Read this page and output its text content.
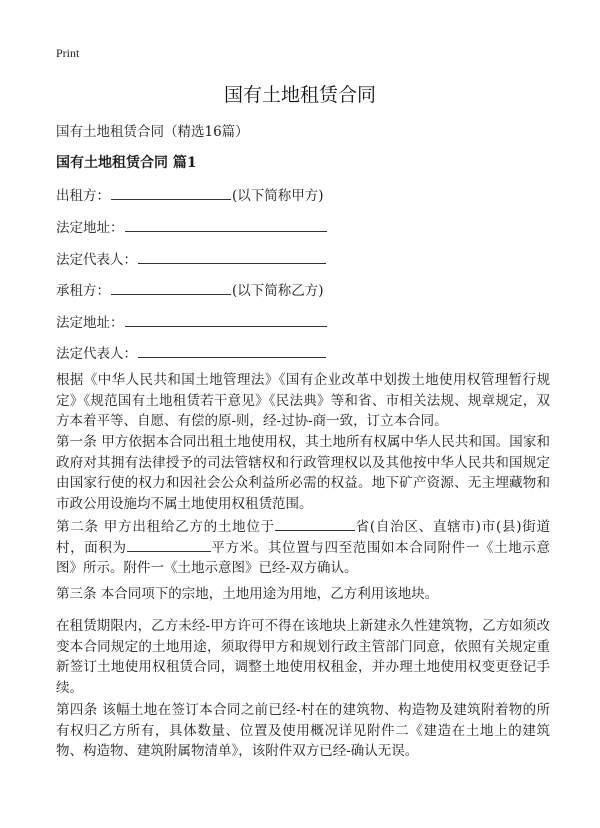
Print
国有土地租赁合同
国有土地租赁合同（精选16篇）
国有土地租赁合同 篇1
出租方：	(以下简称甲方)
法定地址：
法定代表人：
承租方：	(以下简称乙方)
法定地址：
法定代表人：

根据《中华人民共和国土地管理法》《国有企业改革中划拨土地使用权管理暂行规定》《规范国有土地租赁若干意见》《民法典》等和省、市相关法规、规章规定，双方本着平等、自愿、有偿的原-则，经-过协-商一致，订立本合同。

第一条 甲方依据本合同出租土地使用权，其土地所有权属中华人民共和国。国家和政府对其拥有法律授予的司法管辖权和行政管理权以及其他按中华人民共和国规定由国家行使的权力和因社会公众利益所必需的权益。地下矿产资源、无主埋藏物和市政公用设施均不属土地使用权租赁范围。

第二条 甲方出租给乙方的土地位于	省(自治区、直辖市)市(县)街道村，面积为	平方米。其位置与四至范围如本合同附件一《土地示意图》所示。附件一《土地示意图》已经-双方确认。

第三条 本合同项下的宗地，土地用途为用地，乙方利用该地块。

在租赁期限内，乙方未经-甲方许可不得在该地块上新建永久性建筑物，乙方如须改变本合同规定的土地用途，须取得甲方和规划行政主管部门同意，依照有关规定重新签订土地使用权租赁合同，调整土地使用权租金，并办理土地使用权变更登记手续。

第四条 该幅土地在签订本合同之前已经-村在的建筑物、构造物及建筑附着物的所有权归乙方所有，具体数量、位置及使用概况详见附件二《建造在土地上的建筑物、构造物、建筑附属物清单》，该附件双方已经-确认无误。
